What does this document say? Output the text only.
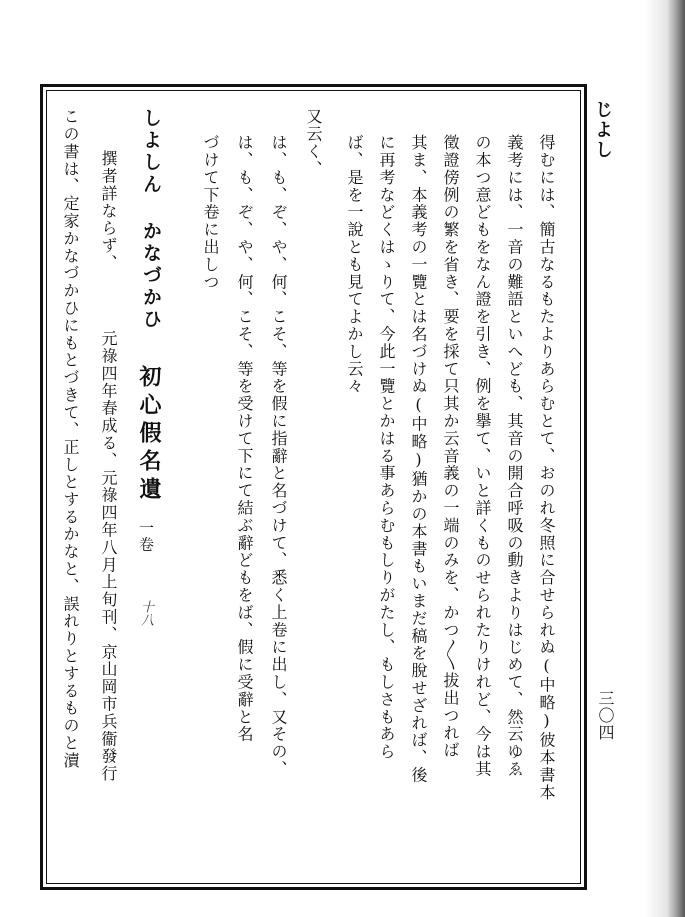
じよし
三〇四
得むには、簡古なるもたよりあらむとて、おのれ冬照に合せられぬ(中略)彼本書本
義考には、一音の難語といへども、其音の開合呼吸の動きよりはじめて、然云ゆゑ
の本つ意どもをなん證を引き、例を擧て、いと詳くものせられたりけれど、今は其
徵證傍例の繁を省き、要を採て只其か云音義の一端のみを、かつ〳〵拔出つれば
其ま、本義考の一覽とは名づけぬ(中略)猶かの本書もいまだ稿を脫せざれば、後
に再考などくはゝりて、今此一覽とかはる事あらむもしりがたし、もしさもあら
ば、是を一說とも見てよかし云々
又云く、
は、も、ぞ、や、何、こそ、等を假に指辭と名づけて、悉く上卷に出し、又その、
は、も、ぞ、や、何、こそ、等を受けて下にて結ぶ辭どもをば、假に受辭と名
づけて下卷に出しつ
しよしん かなづかひ
初心假名遺
一卷
十八
撰者詳ならず、
元祿四年春成る、元祿四年八月上旬刊、京山岡市兵衞發行
この書は、定家かなづかひにもとづきて、正しとするかなと、誤れりとするものと瀆
